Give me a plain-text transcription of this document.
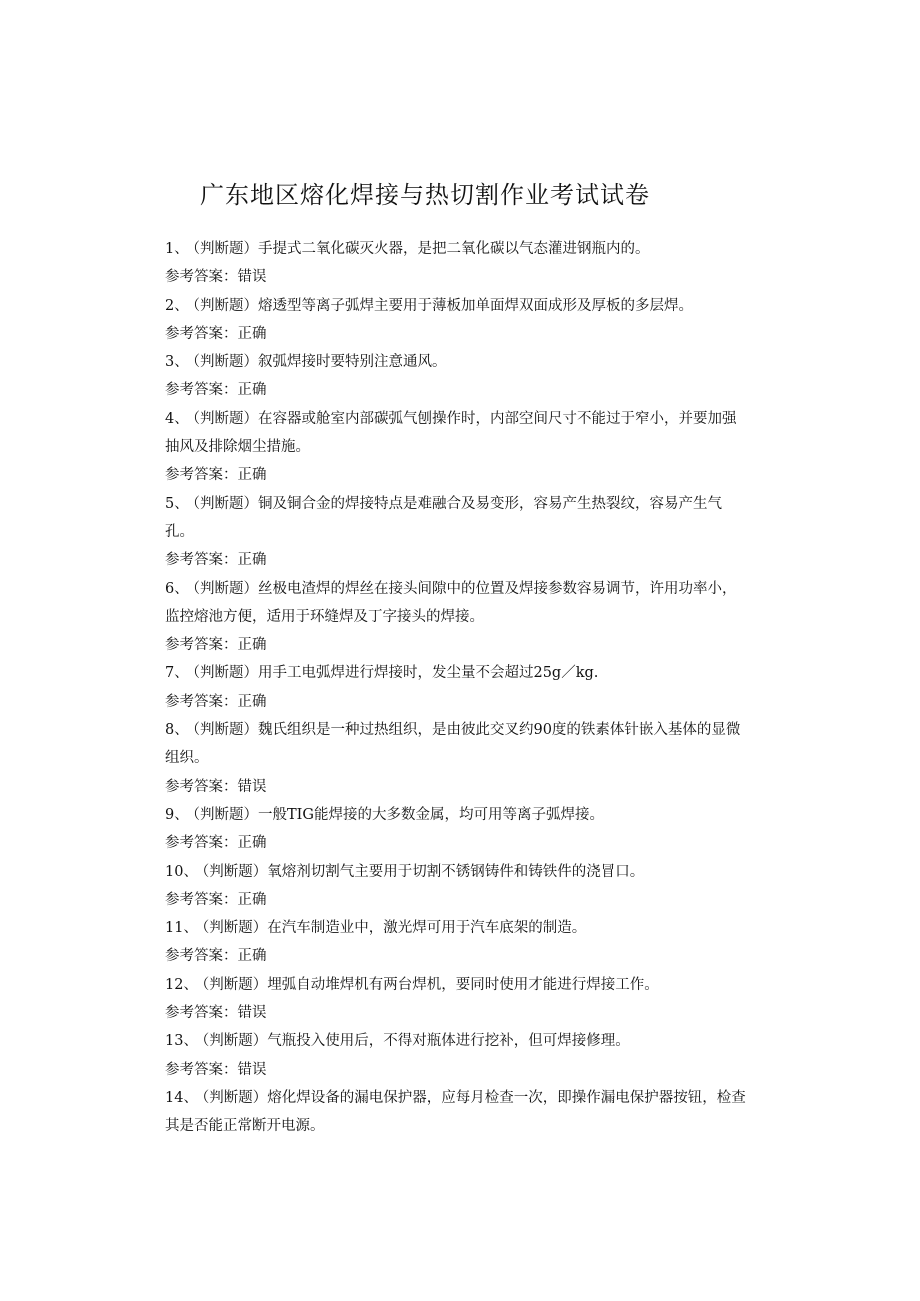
广东地区熔化焊接与热切割作业考试试卷

1、 （判断题）手提式二氧化碳灭火器，是把二氧化碳以气态灌进钢瓶内的。

参考答案：错误

2、 （判断题）熔透型等离子弧焊主要用于薄板加单面焊双面成形及厚板的多层焊。

参考答案：正确

3、 （判断题）叙弧焊接时要特别注意通风。

参考答案：正确

4、 （判断题）在容器或舱室内部碳弧气刨操作时，内部空间尺寸不能过于窄小，并要加强抽风及排除烟尘措施。

参考答案：正确

5、 （判断题）铜及铜合金的焊接特点是难融合及易变形，容易产生热裂纹，容易产生气孔。

参考答案：正确

6、 （判断题）丝极电渣焊的焊丝在接头间隙中的位置及焊接参数容易调节，许用功率小，监控熔池方便，适用于环缝焊及丁字接头的焊接。

参考答案：正确

7、 （判断题）用手工电弧焊进行焊接时，发尘量不会超过25g／kg.

参考答案：正确

8、 （判断题）魏氏组织是一种过热组织，是由彼此交叉约90度的铁素体针嵌入基体的显微组织。

参考答案：错误

9、 （判断题）一般TIG能焊接的大多数金属，均可用等离子弧焊接。

参考答案：正确

10、 （判断题）氧熔剂切割气主要用于切割不锈钢铸件和铸铁件的浇冒口。

参考答案：正确

11、 （判断题）在汽车制造业中，激光焊可用于汽车底架的制造。

参考答案：正确

12、 （判断题）埋弧自动堆焊机有两台焊机，要同时使用才能进行焊接工作。

参考答案：错误

13、 （判断题）气瓶投入使用后，不得对瓶体进行挖补，但可焊接修理。

参考答案：错误

14、 （判断题）熔化焊设备的漏电保护器，应每月检查一次，即操作漏电保护器按钮，检查其是否能正常断开电源。
